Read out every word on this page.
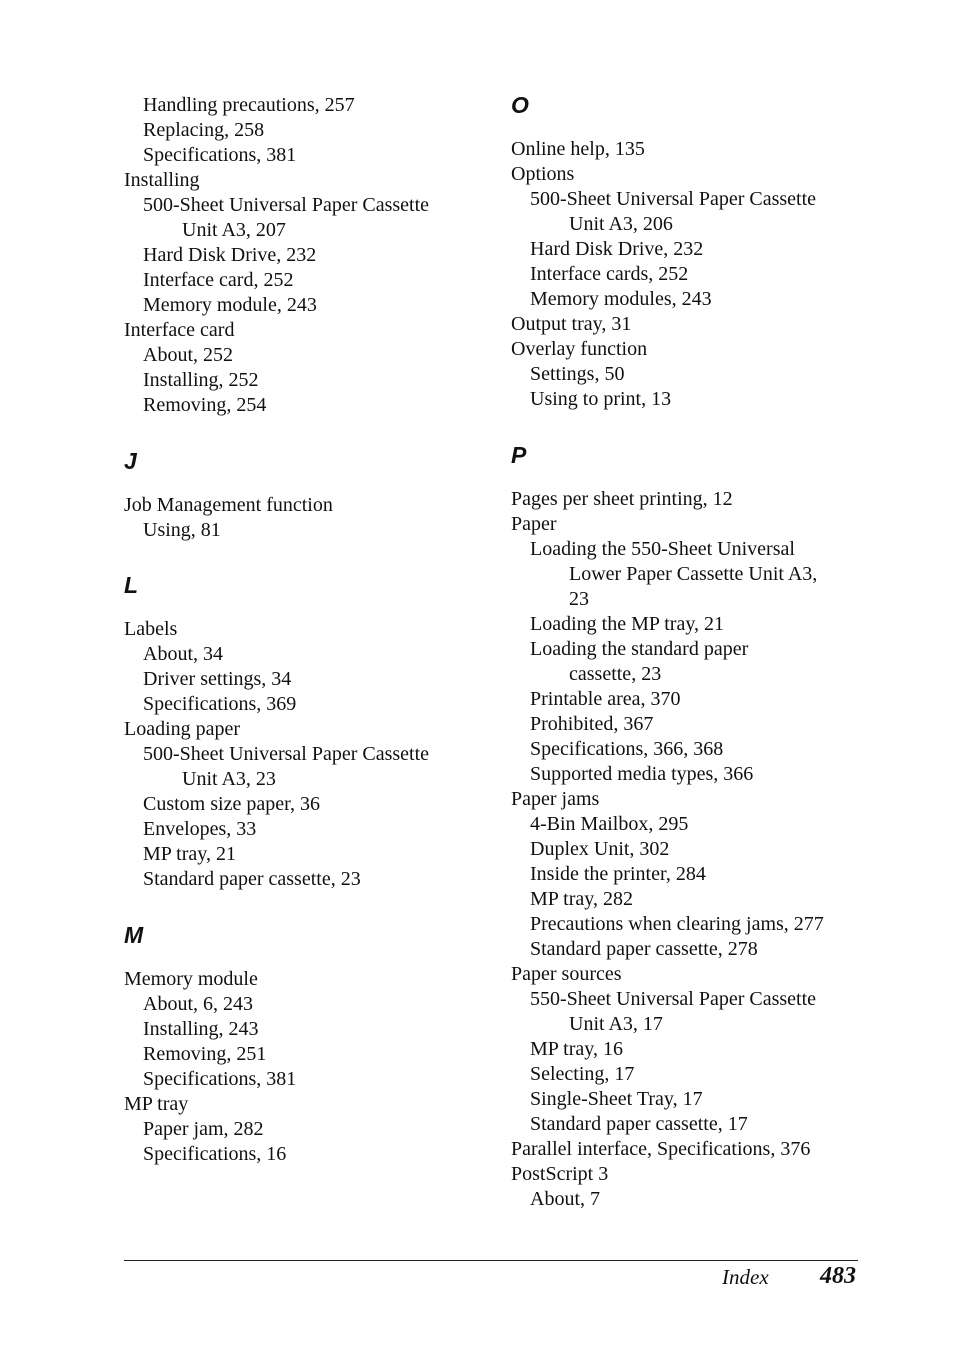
Handling precautions, 257
Replacing, 258
Specifications, 381
Installing
500-Sheet Universal Paper Cassette
Unit A3, 207
Hard Disk Drive, 232
Interface card, 252
Memory module, 243
Interface card
About, 252
Installing, 252
Removing, 254
J
Job Management function
Using, 81
L
Labels
About, 34
Driver settings, 34
Specifications, 369
Loading paper
500-Sheet Universal Paper Cassette
Unit A3, 23
Custom size paper, 36
Envelopes, 33
MP tray, 21
Standard paper cassette, 23
M
Memory module
About, 6, 243
Installing, 243
Removing, 251
Specifications, 381
MP tray
Paper jam, 282
Specifications, 16
O
Online help, 135
Options
500-Sheet Universal Paper Cassette
Unit A3, 206
Hard Disk Drive, 232
Interface cards, 252
Memory modules, 243
Output tray, 31
Overlay function
Settings, 50
Using to print, 13
P
Pages per sheet printing, 12
Paper
Loading the 550-Sheet Universal
Lower Paper Cassette Unit A3,
23
Loading the MP tray, 21
Loading the standard paper
cassette, 23
Printable area, 370
Prohibited, 367
Specifications, 366, 368
Supported media types, 366
Paper jams
4-Bin Mailbox, 295
Duplex Unit, 302
Inside the printer, 284
MP tray, 282
Precautions when clearing jams, 277
Standard paper cassette, 278
Paper sources
550-Sheet Universal Paper Cassette
Unit A3, 17
MP tray, 16
Selecting, 17
Single-Sheet Tray, 17
Standard paper cassette, 17
Parallel interface, Specifications, 376
PostScript 3
About, 7
Index 483
